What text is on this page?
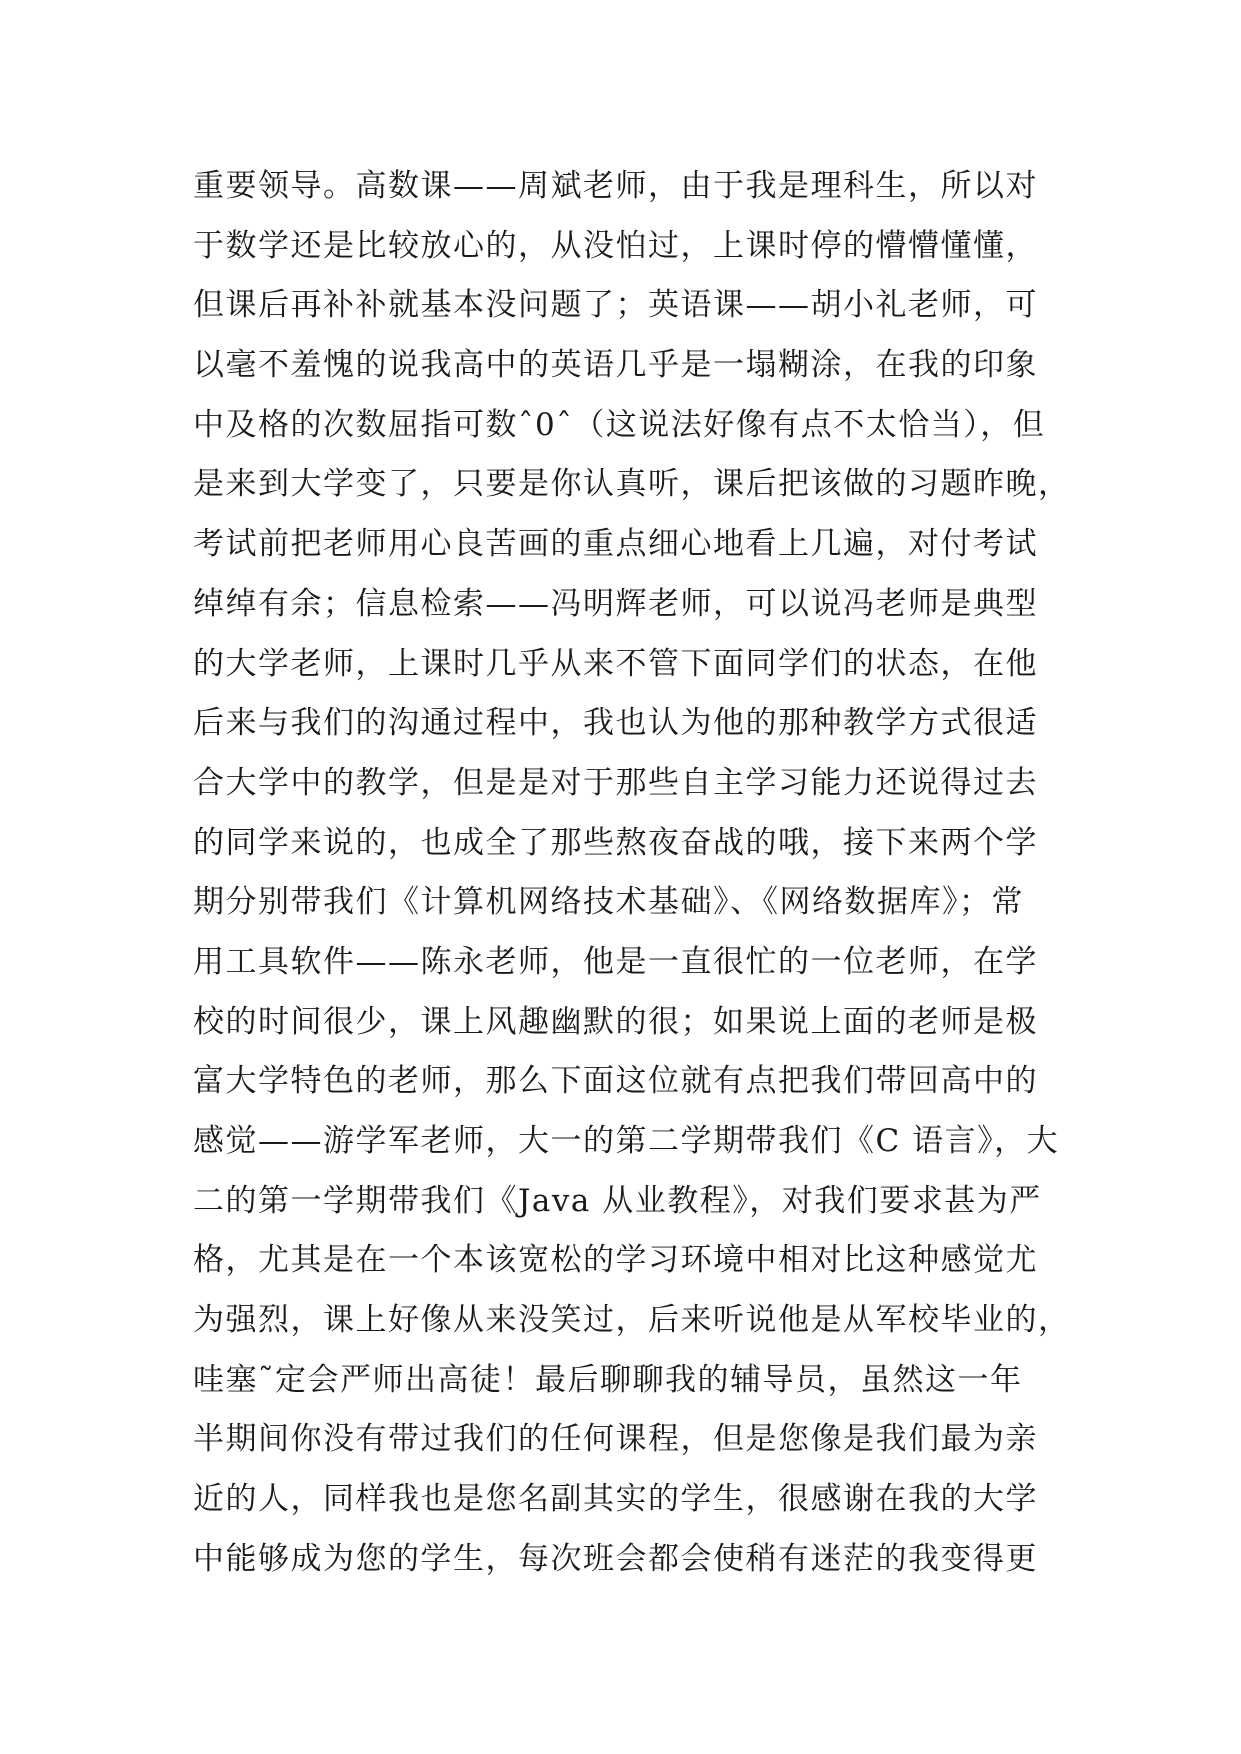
重要领导。高数课——周斌老师，由于我是理科生，所以对
于数学还是比较放心的，从没怕过，上课时停的懵懵懂懂，
但课后再补补就基本没问题了；英语课——胡小礼老师，可
以毫不羞愧的说我高中的英语几乎是一塌糊涂，在我的印象
中及格的次数屈指可数ˆ0ˆ（这说法好像有点不太恰当），但
是来到大学变了，只要是你认真听，课后把该做的习题昨晚，
考试前把老师用心良苦画的重点细心地看上几遍，对付考试
绰绰有余；信息检索——冯明辉老师，可以说冯老师是典型
的大学老师，上课时几乎从来不管下面同学们的状态，在他
后来与我们的沟通过程中，我也认为他的那种教学方式很适
合大学中的教学，但是是对于那些自主学习能力还说得过去
的同学来说的，也成全了那些熬夜奋战的哦，接下来两个学
期分别带我们《计算机网络技术基础》、《网络数据库》；常
用工具软件——陈永老师，他是一直很忙的一位老师，在学
校的时间很少，课上风趣幽默的很；如果说上面的老师是极
富大学特色的老师，那么下面这位就有点把我们带回高中的
感觉——游学军老师，大一的第二学期带我们《C 语言》，大
二的第一学期带我们《Java 从业教程》，对我们要求甚为严
格，尤其是在一个本该宽松的学习环境中相对比这种感觉尤
为强烈，课上好像从来没笑过，后来听说他是从军校毕业的，
哇塞˜定会严师出高徒！最后聊聊我的辅导员，虽然这一年
半期间你没有带过我们的任何课程，但是您像是我们最为亲
近的人，同样我也是您名副其实的学生，很感谢在我的大学
中能够成为您的学生，每次班会都会使稍有迷茫的我变得更
